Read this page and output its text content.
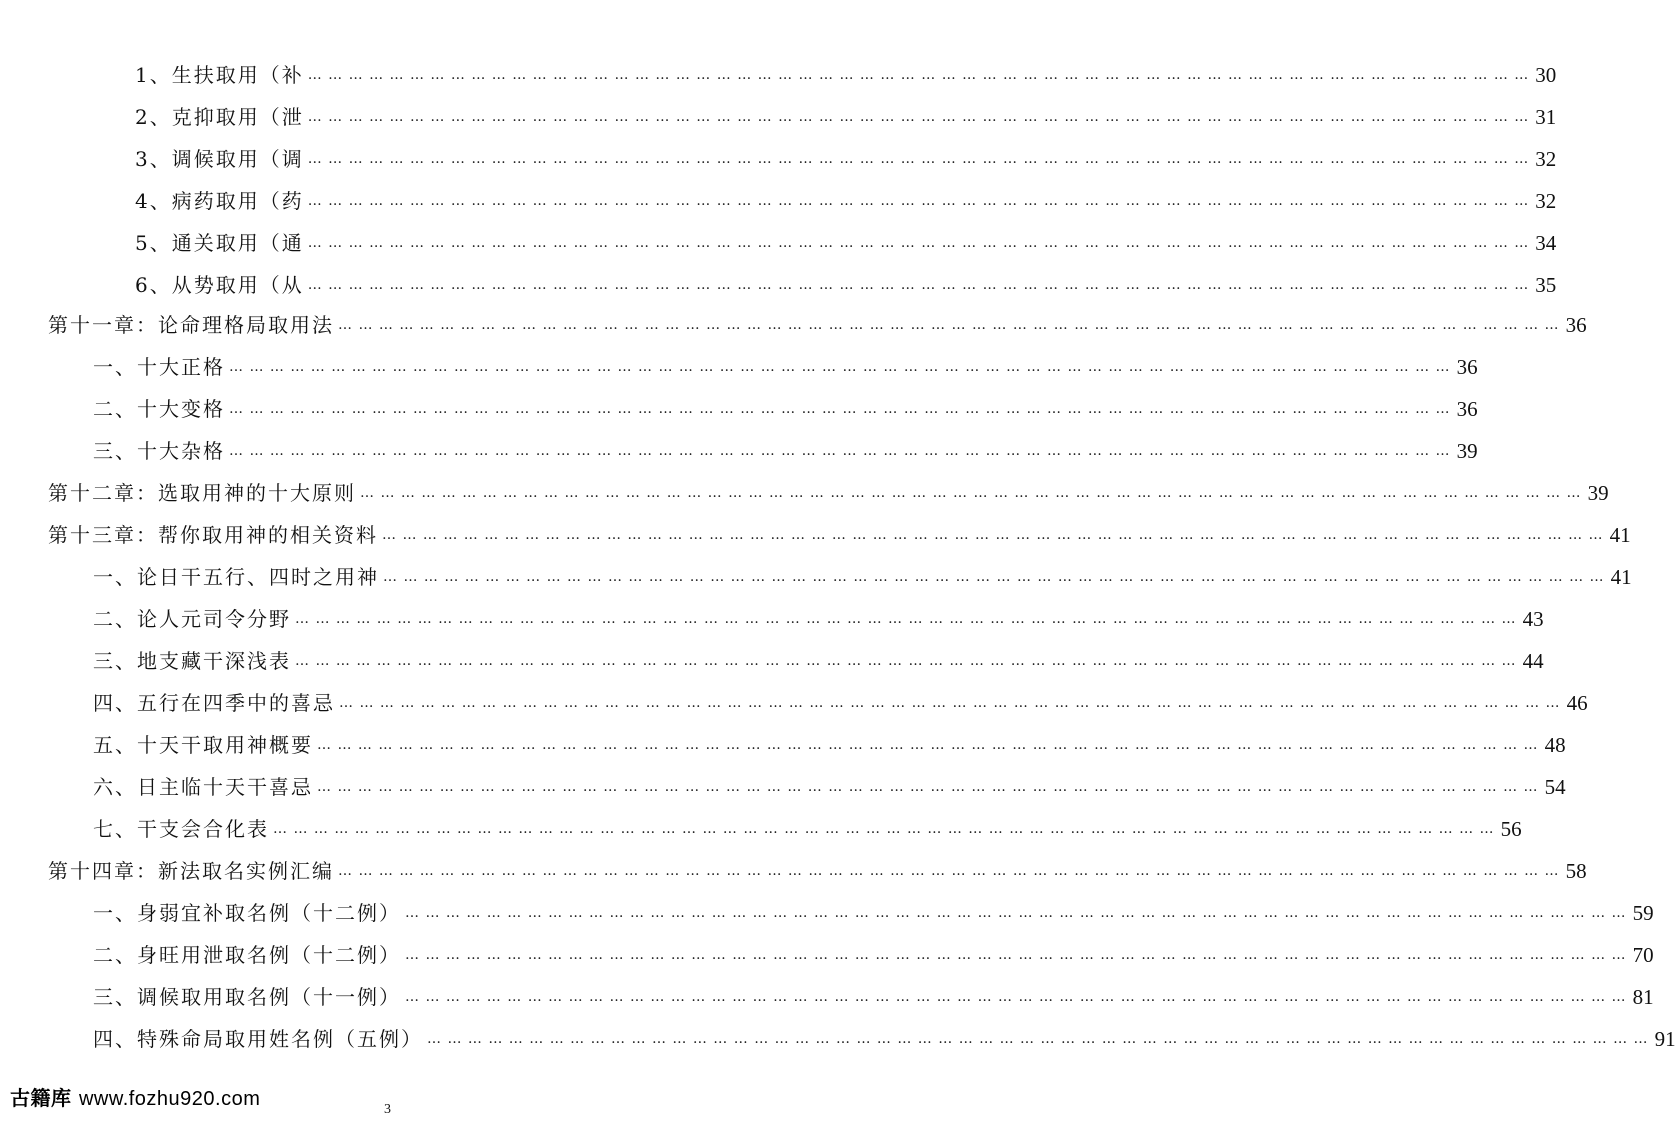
1、生扶取用（补 … … … … … … … … … … … … … … … … … … … … … … … … … … … … … … … … … … … … … … … … … … … … … … … … … … … … … … … … … … … … 30
2、克抑取用（泄 … … … … … … … … … … … … … … … … … … … … … … … … … … … … … … … … … … … … … … … … … … … … … … … … … … … … … … … … … … … … 31
3、调候取用（调 … … … … … … … … … … … … … … … … … … … … … … … … … … … … … … … … … … … … … … … … … … … … … … … … … … … … … … … … … … … … 32
4、病药取用（药 … … … … … … … … … … … … … … … … … … … … … … … … … … … … … … … … … … … … … … … … … … … … … … … … … … … … … … … … … … … … 32
5、通关取用（通 … … … … … … … … … … … … … … … … … … … … … … … … … … … … … … … … … … … … … … … … … … … … … … … … … … … … … … … … … … … … 34
6、从势取用（从 … … … … … … … … … … … … … … … … … … … … … … … … … … … … … … … … … … … … … … … … … … … … … … … … … … … … … … … … … … … … 35
第十一章：论命理格局取用法 … … … … … … … … … … … … … … … … … … … … … … … … … … … … … … … … … … … … … … … … … … … … … … … … … … … … … … … … … … … … 36
一、十大正格 … … … … … … … … … … … … … … … … … … … … … … … … … … … … … … … … … … … … … … … … … … … … … … … … … … … … … … … … … … … … 36
二、十大变格 … … … … … … … … … … … … … … … … … … … … … … … … … … … … … … … … … … … … … … … … … … … … … … … … … … … … … … … … … … … … 36
三、十大杂格 … … … … … … … … … … … … … … … … … … … … … … … … … … … … … … … … … … … … … … … … … … … … … … … … … … … … … … … … … … … … 39
第十二章：选取用神的十大原则 … … … … … … … … … … … … … … … … … … … … … … … … … … … … … … … … … … … … … … … … … … … … … … … … … … … … … … … … … … … … 39
第十三章：帮你取用神的相关资料 … … … … … … … … … … … … … … … … … … … … … … … … … … … … … … … … … … … … … … … … … … … … … … … … … … … … … … … … … … … … 41
一、论日干五行、四时之用神 … … … … … … … … … … … … … … … … … … … … … … … … … … … … … … … … … … … … … … … … … … … … … … … … … … … … … … … … … … … … 41
二、论人元司令分野 … … … … … … … … … … … … … … … … … … … … … … … … … … … … … … … … … … … … … … … … … … … … … … … … … … … … … … … … … … … … 43
三、地支藏干深浅表 … … … … … … … … … … … … … … … … … … … … … … … … … … … … … … … … … … … … … … … … … … … … … … … … … … … … … … … … … … … … 44
四、五行在四季中的喜忌 … … … … … … … … … … … … … … … … … … … … … … … … … … … … … … … … … … … … … … … … … … … … … … … … … … … … … … … … … … … … 46
五、十天干取用神概要 … … … … … … … … … … … … … … … … … … … … … … … … … … … … … … … … … … … … … … … … … … … … … … … … … … … … … … … … … … … … 48
六、日主临十天干喜忌 … … … … … … … … … … … … … … … … … … … … … … … … … … … … … … … … … … … … … … … … … … … … … … … … … … … … … … … … … … … … 54
七、干支会合化表 … … … … … … … … … … … … … … … … … … … … … … … … … … … … … … … … … … … … … … … … … … … … … … … … … … … … … … … … … … … … 56
第十四章：新法取名实例汇编 … … … … … … … … … … … … … … … … … … … … … … … … … … … … … … … … … … … … … … … … … … … … … … … … … … … … … … … … … … … … 58
一、身弱宜补取名例（十二例） … … … … … … … … … … … … … … … … … … … … … … … … … … … … … … … … … … … … … … … … … … … … … … … … … … … … … … … … … … … … 59
二、身旺用泄取名例（十二例） … … … … … … … … … … … … … … … … … … … … … … … … … … … … … … … … … … … … … … … … … … … … … … … … … … … … … … … … … … … … 70
三、调候取用取名例（十一例） … … … … … … … … … … … … … … … … … … … … … … … … … … … … … … … … … … … … … … … … … … … … … … … … … … … … … … … … … … … … 81
四、特殊命局取用姓名例（五例） … … … … … … … … … … … … … … … … … … … … … … … … … … … … … … … … … … … … … … … … … … … … … … … … … … … … … … … … … … … … 91
古籍库 www.fozhu920.com	3
